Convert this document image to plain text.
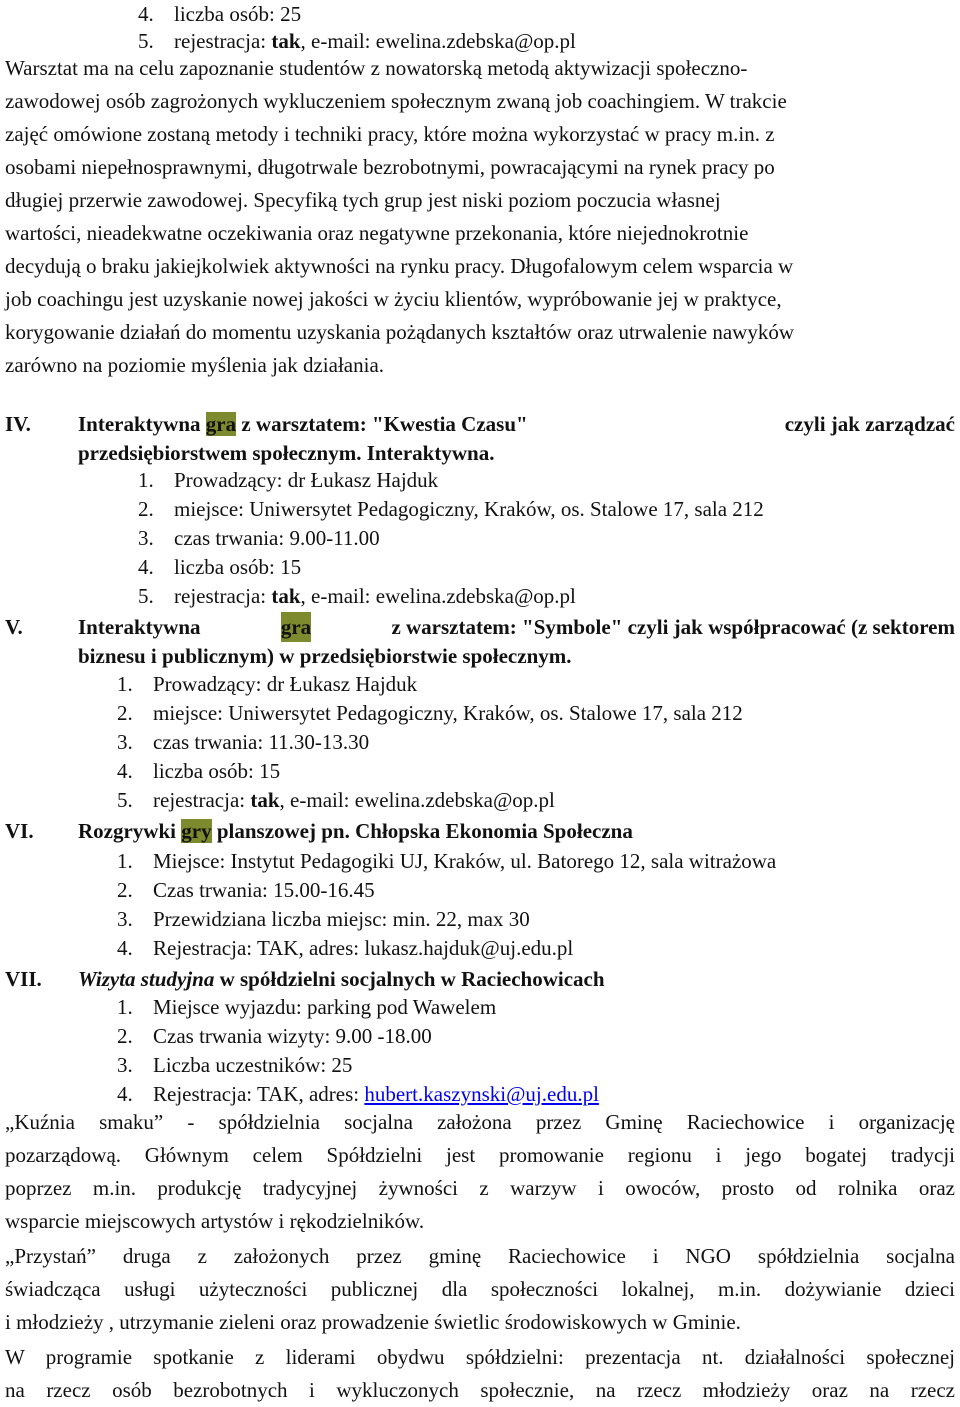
4. liczba osób: 25
5. rejestracja: tak, e-mail: ewelina.zdebska@op.pl
Warsztat ma na celu zapoznanie studentów z nowatorską metodą aktywizacji społeczno-
zawodowej osób zagrożonych wykluczeniem społecznym zwaną job coachingiem. W trakcie
zajęć omówione zostaną metody i techniki pracy, które można wykorzystać w pracy m.in. z
osobami niepełnosprawnymi, długotrwale bezrobotnymi, powracającymi na rynek pracy po
długiej przerwie zawodowej. Specyfiką tych grup jest niski poziom poczucia własnej
wartości, nieadekwatne oczekiwania oraz negatywne przekonania, które niejednokrotnie
decydują o braku jakiejkolwiek aktywności na rynku pracy. Długofalowym celem wsparcia w
job coachingu jest uzyskanie nowej jakości w życiu klientów, wypróbowanie jej w praktyce,
korygowanie działań do momentu uzyskania pożądanych kształtów oraz utrwalenie nawyków
zarówno na poziomie myślenia jak działania.
IV. Interaktywna gra z warsztatem: "Kwestia Czasu"	czyli jak zarządzać
przedsiębiorstwem społecznym. Interaktywna.
1. Prowadzący: dr Łukasz Hajduk
2. miejsce: Uniwersytet Pedagogiczny, Kraków, os. Stalowe 17, sala 212
3. czas trwania: 9.00-11.00
4. liczba osób: 15
5. rejestracja: tak, e-mail: ewelina.zdebska@op.pl
V.	Interaktywna	gra	z warsztatem: "Symbole" czyli jak współpracować (z sektorem
biznesu i publicznym) w przedsiębiorstwie społecznym.
1. Prowadzący: dr Łukasz Hajduk
2. miejsce: Uniwersytet Pedagogiczny, Kraków, os. Stalowe 17, sala 212
3. czas trwania: 11.30-13.30
4. liczba osób: 15
5. rejestracja: tak, e-mail: ewelina.zdebska@op.pl
VI. Rozgrywki gry planszowej pn. Chłopska Ekonomia Społeczna
1. Miejsce: Instytut Pedagogiki UJ, Kraków, ul. Batorego 12, sala witrażowa
2. Czas trwania: 15.00-16.45
3. Przewidziana liczba miejsc: min. 22, max 30
4. Rejestracja: TAK, adres: lukasz.hajduk@uj.edu.pl
VII. Wizyta studyjna w spółdzielni socjalnych w Raciechowicach
1. Miejsce wyjazdu: parking pod Wawelem
2. Czas trwania wizyty: 9.00 -18.00
3. Liczba uczestników: 25
4. Rejestracja: TAK, adres: hubert.kaszynski@uj.edu.pl
„Kuźnia smaku” - spółdzielnia socjalna założona przez Gminę Raciechowice i organizację
pozarządową. Głównym celem Spółdzielni jest promowanie regionu i jego bogatej tradycji
poprzez m.in. produkcję tradycyjnej żywności z warzyw i owoców, prosto od rolnika oraz
wsparcie miejscowych artystów i rękodzielników.
„Przystań” druga z założonych przez gminę Raciechowice i NGO spółdzielnia socjalna
świadcząca usługi użyteczności publicznej dla społeczności lokalnej, m.in. dożywianie dzieci
i młodzieży , utrzymanie zieleni oraz prowadzenie świetlic środowiskowych w Gminie.
W programie spotkanie z liderami obydwu spółdzielni: prezentacja nt. działalności społecznej
na rzecz osób bezrobotnych i wykluczonych społecznie, na rzecz młodzieży oraz na rzecz
